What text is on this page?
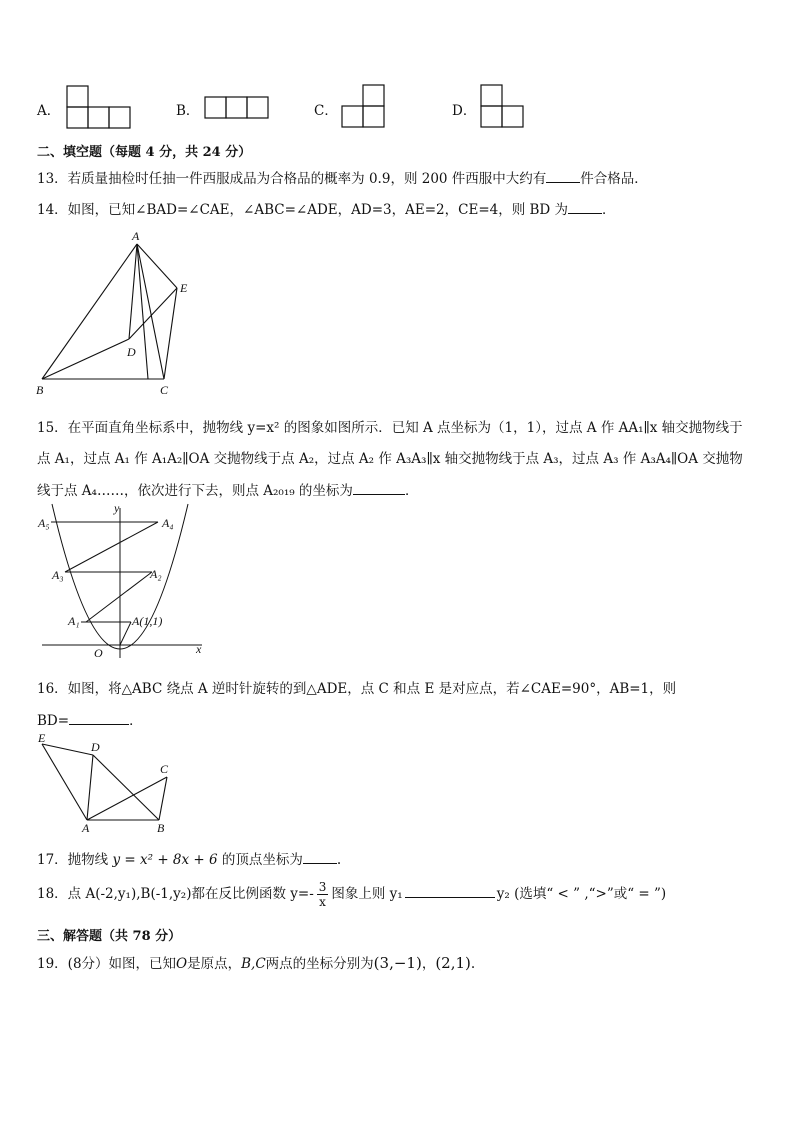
A．	B．	C．	D．
二、填空题（每题 4 分，共 24 分）
13．若质量抽检时任抽一件西服成品为合格品的概率为 0.9，则 200 件西服中大约有	件合格品．
14．如图，已知∠BAD=∠CAE，∠ABC=∠ADE，AD=3，AE=2，CE=4，则 BD 为	．
A
B	C
D
E
15．在平面直角坐标系中，抛物线 y=x² 的图象如图所示．已知 A 点坐标为（1，1），过点 A 作 AA₁∥x 轴交抛物线于
点 A₁，过点 A₁ 作 A₁A₂∥OA 交抛物线于点 A₂，过点 A₂ 作 A₃A₃∥x 轴交抛物线于点 A₃，过点 A₃ 作 A₃A₄∥OA 交抛物
线于点 A₄……，依次进行下去，则点 A₂₀₁₉ 的坐标为	．
y
x
O
A(1,1)
A₁
A₂
A₃
A₄
A₅
16．如图，将△ABC 绕点 A 逆时针旋转的到△ADE，点 C 和点 E 是对应点，若∠CAE=90°，AB=1，则
BD=	．
E
D
C
A	B
17．抛物线 y = x² + 8x + 6 的顶点坐标为	.
18．点 A(-2,y₁),B(-1,y₂)都在反比例函数 $y=- \frac{3}{x}$ 图象上则 y₁	y₂ (选填“ < ” ,“>”或“ = ”)
三、解答题（共 78 分）
19．(8分）如图，已知O是原点，B,C两点的坐标分别为(3,−1)，(2,1).
